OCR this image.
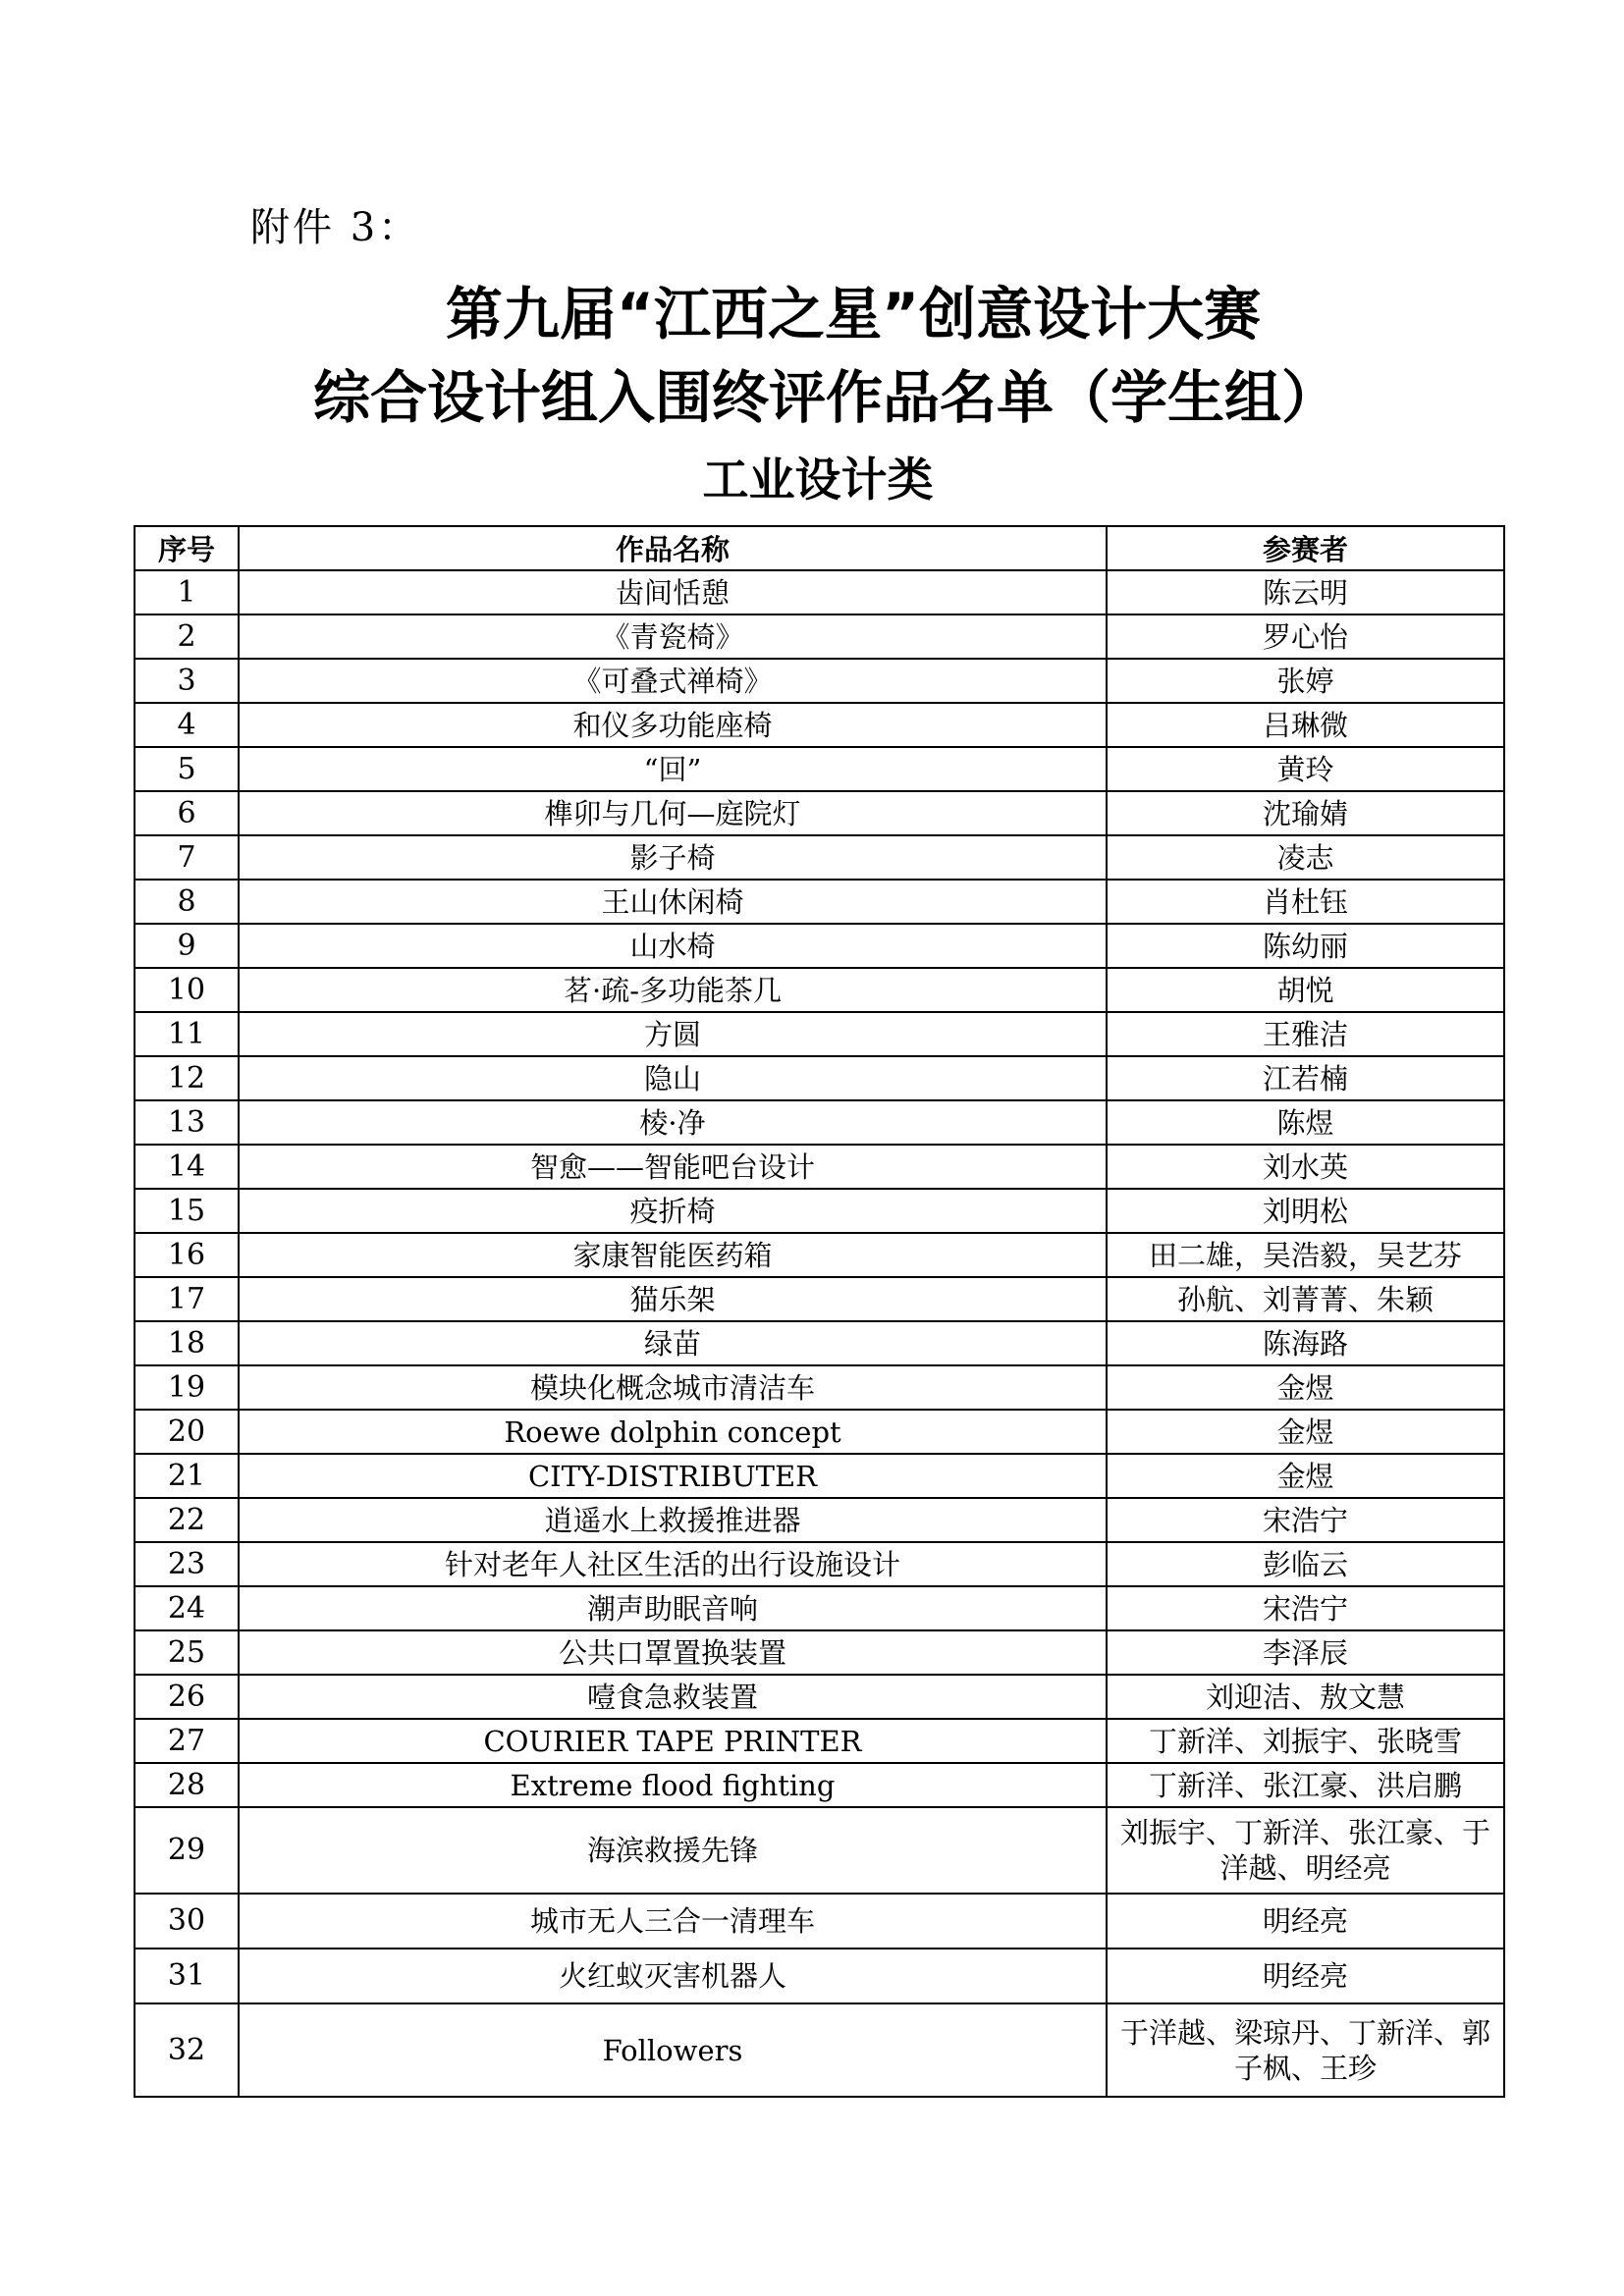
附件 3：
第九届“江西之星”创意设计大赛
综合设计组入围终评作品名单（学生组）
工业设计类
序号	作品名称	参赛者
1	齿间恬憩	陈云明
2	《青瓷椅》	罗心怡
3	《可叠式禅椅》	张婷
4	和仪多功能座椅	吕琳微
5	“回”	黄玲
6	榫卯与几何—庭院灯	沈瑜婧
7	影子椅	凌志
8	王山休闲椅	肖杜钰
9	山水椅	陈幼丽
10	茗·疏-多功能茶几	胡悦
11	方圆	王雅洁
12	隐山	江若楠
13	棱·净	陈煜
14	智愈——智能吧台设计	刘水英
15	疫折椅	刘明松
16	家康智能医药箱	田二雄，吴浩毅，吴艺芬
17	猫乐架	孙航、刘菁菁、朱颖
18	绿苗	陈海路
19	模块化概念城市清洁车	金煜
20	Roewe dolphin concept	金煜
21	CITY-DISTRIBUTER	金煜
22	逍遥水上救援推进器	宋浩宁
23	针对老年人社区生活的出行设施设计	彭临云
24	潮声助眠音响	宋浩宁
25	公共口罩置换装置	李泽辰
26	噎食急救装置	刘迎洁、敖文慧
27	COURIER TAPE PRINTER	丁新洋、刘振宇、张晓雪
28	Extreme flood fighting	丁新洋、张江豪、洪启鹏
29	海滨救援先锋	刘振宇、丁新洋、张江豪、于洋越、明经亮
30	城市无人三合一清理车	明经亮
31	火红蚁灭害机器人	明经亮
32	Followers	于洋越、梁琼丹、丁新洋、郭子枫、王珍
